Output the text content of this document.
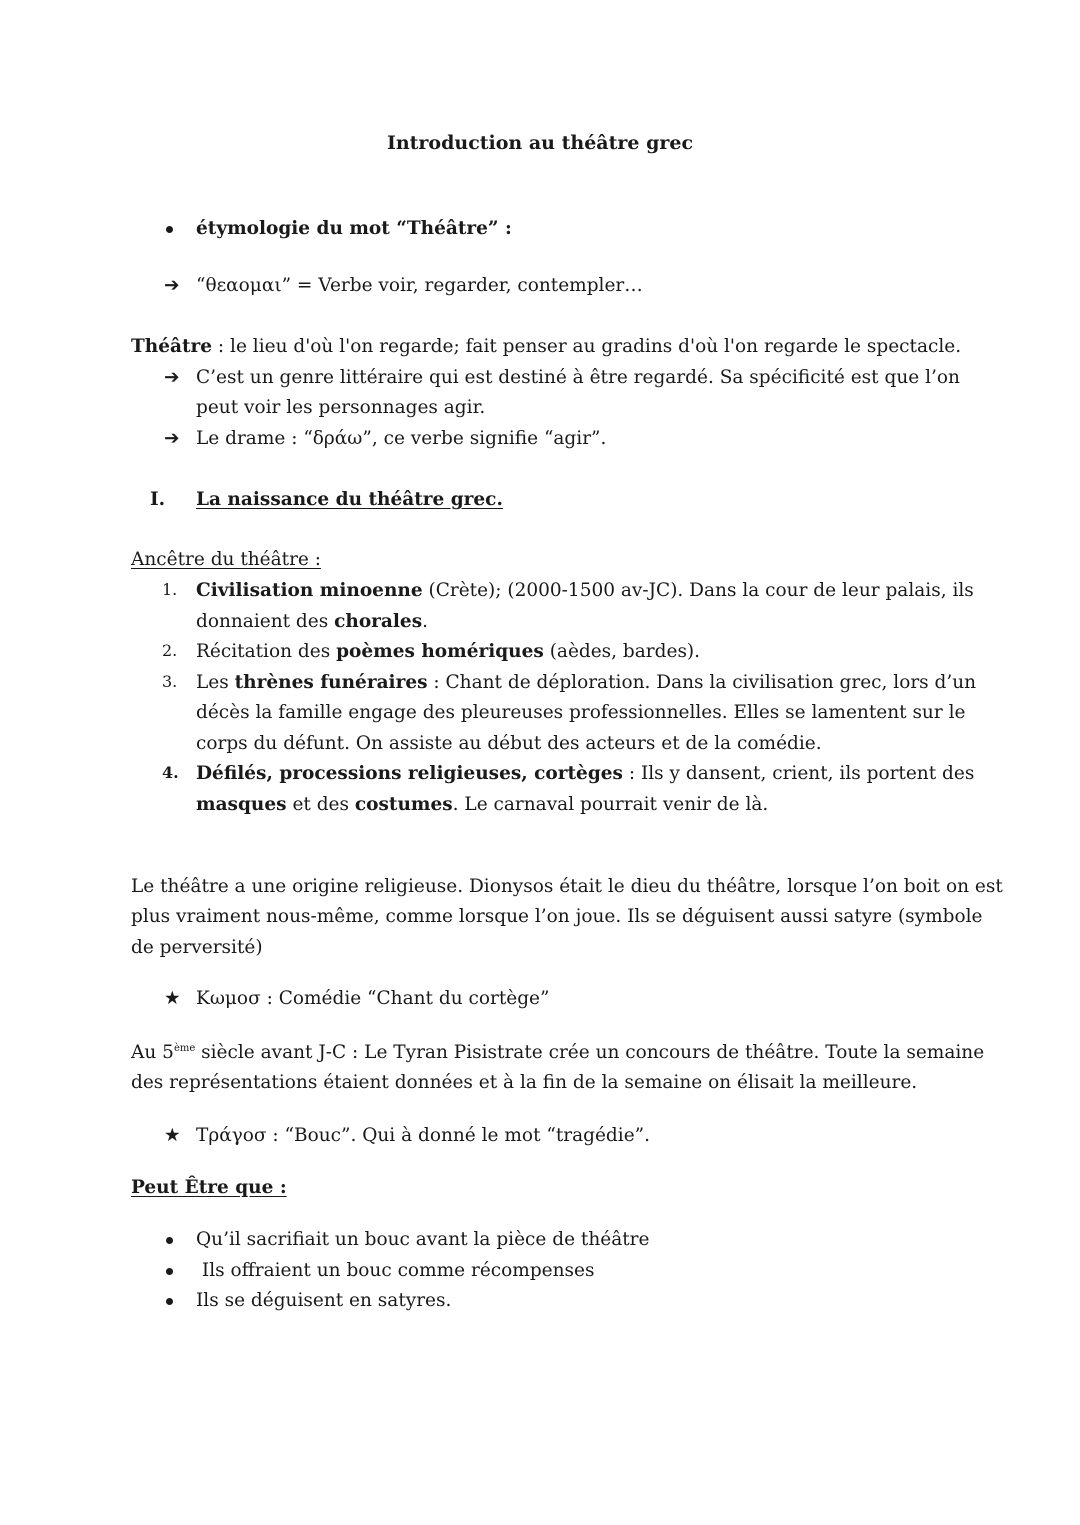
Introduction au théâtre grec
étymologie du mot “Théâtre” :
➔ “θεαομαι” = Verbe voir, regarder, contempler…
Théâtre : le lieu d'où l'on regarde; fait penser au gradins d'où l'on regarde le spectacle.
➔ C’est un genre littéraire qui est destiné à être regardé. Sa spécificité est que l’on
peut voir les personnages agir.
➔ Le drame : “δράω”, ce verbe signifie “agir”.
I. La naissance du théâtre grec.
Ancêtre du théâtre :
1. Civilisation minoenne (Crète); (2000-1500 av-JC). Dans la cour de leur palais, ils
donnaient des chorales.
2. Récitation des poèmes homériques (aèdes, bardes).
3. Les thrènes funéraires : Chant de déploration. Dans la civilisation grec, lors d’un
décès la famille engage des pleureuses professionnelles. Elles se lamentent sur le
corps du défunt. On assiste au début des acteurs et de la comédie.
4. Défilés, processions religieuses, cortèges : Ils y dansent, crient, ils portent des
masques et des costumes. Le carnaval pourrait venir de là.
Le théâtre a une origine religieuse. Dionysos était le dieu du théâtre, lorsque l’on boit on est
plus vraiment nous-même, comme lorsque l’on joue. Ils se déguisent aussi satyre (symbole
de perversité)
★ Κωμοσ : Comédie “Chant du cortège”
Au 5ème siècle avant J-C : Le Tyran Pisistrate crée un concours de théâtre. Toute la semaine
des représentations étaient données et à la fin de la semaine on élisait la meilleure.
★ Τράγοσ : “Bouc”. Qui à donné le mot “tragédie”.
Peut Être que :
Qu’il sacrifiait un bouc avant la pièce de théâtre
Ils offraient un bouc comme récompenses
Ils se déguisent en satyres.
